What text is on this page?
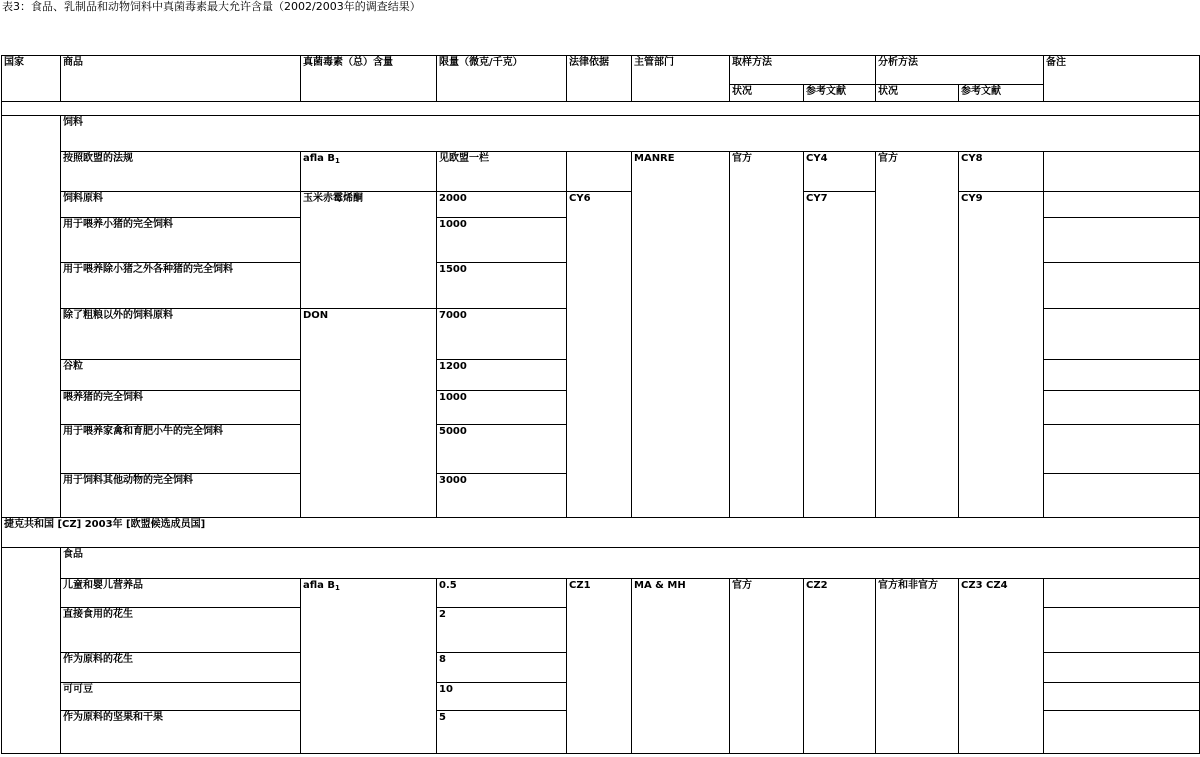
表3：食品、乳制品和动物饲料中真菌毒素最大允许含量（2002/2003年的调查结果）
国家	商品	真菌毒素（总）含量	限量（微克/千克）	法律依据	主管部门	取样方法		分析方法		备注
						状况	参考文献	状况	参考文献	

	饲料									
	按照欧盟的法规	afla $B_1$	见欧盟一栏		MANRE	官方	CY4	官方	CY8	
	饲料原料	玉米赤霉烯酮	2000	CY6			CY7		CY9	
	用于喂养小猪的完全饲料		1000							
	用于喂养除小猪之外各种猪的完全饲料		1500							
	除了粗粮以外的饲料原料	DON	7000							
	谷粒		1200							
	喂养猪的完全饲料		1000							
	用于喂养家禽和育肥小牛的完全饲料		5000							
	用于饲料其他动物的完全饲料		3000							
捷克共和国 [CZ] 2003年 [欧盟候选成员国]										
	食品									
	儿童和婴儿营养品	afla $B_1$	0.5	CZ1	MA & MH	官方	CZ2	官方和非官方	CZ3 CZ4	
	直接食用的花生		2							
	作为原料的花生		8							
	可可豆		10							
	作为原料的坚果和干果		5							
